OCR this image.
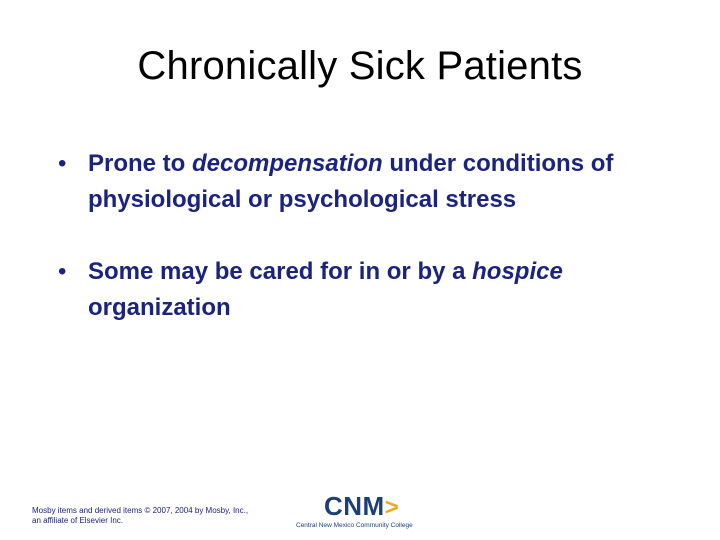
Chronically Sick Patients
• Prone to decompensation under conditions of physiological or psychological stress
• Some may be cared for in or by a hospice organization
Mosby items and derived items © 2007, 2004 by Mosby, Inc.,
an affiliate of Elsevier Inc.	CNM>
Central New Mexico Community College
